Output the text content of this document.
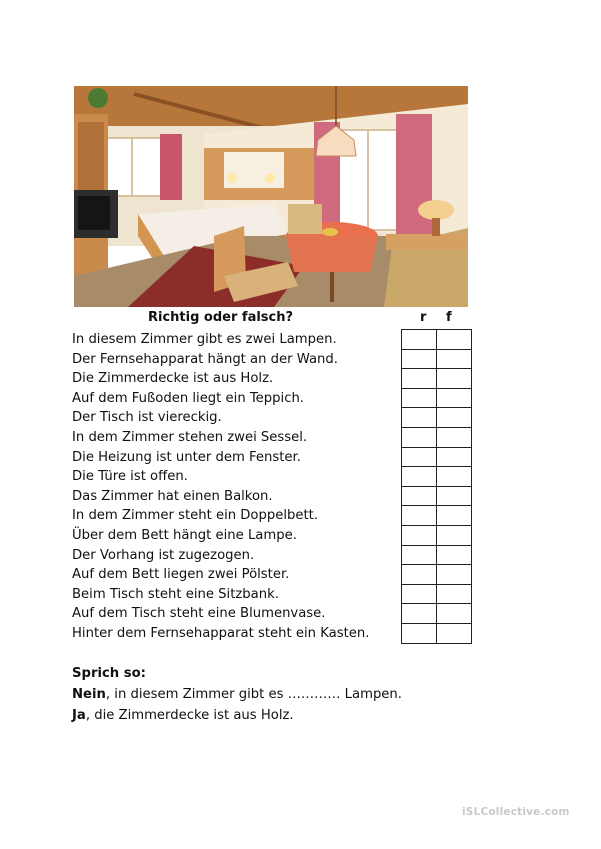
Richtig oder falsch?	r f
In diesem Zimmer gibt es zwei Lampen.
Der Fernsehapparat hängt an der Wand.
Die Zimmerdecke ist aus Holz.
Auf dem Fußoden liegt ein Teppich.
Der Tisch ist viereckig.
In dem Zimmer stehen zwei Sessel.
Die Heizung ist unter dem Fenster.
Die Türe ist offen.
Das Zimmer hat einen Balkon.
In dem Zimmer steht ein Doppelbett.
Über dem Bett hängt eine Lampe.
Der Vorhang ist zugezogen.
Auf dem Bett liegen zwei Pölster.
Beim Tisch steht eine Sitzbank.
Auf dem Tisch steht eine Blumenvase.
Hinter dem Fernsehapparat steht ein Kasten.

Sprich so:
Nein, in diesem Zimmer gibt es ………… Lampen.
Ja, die Zimmerdecke ist aus Holz.
iSLCollective.com
